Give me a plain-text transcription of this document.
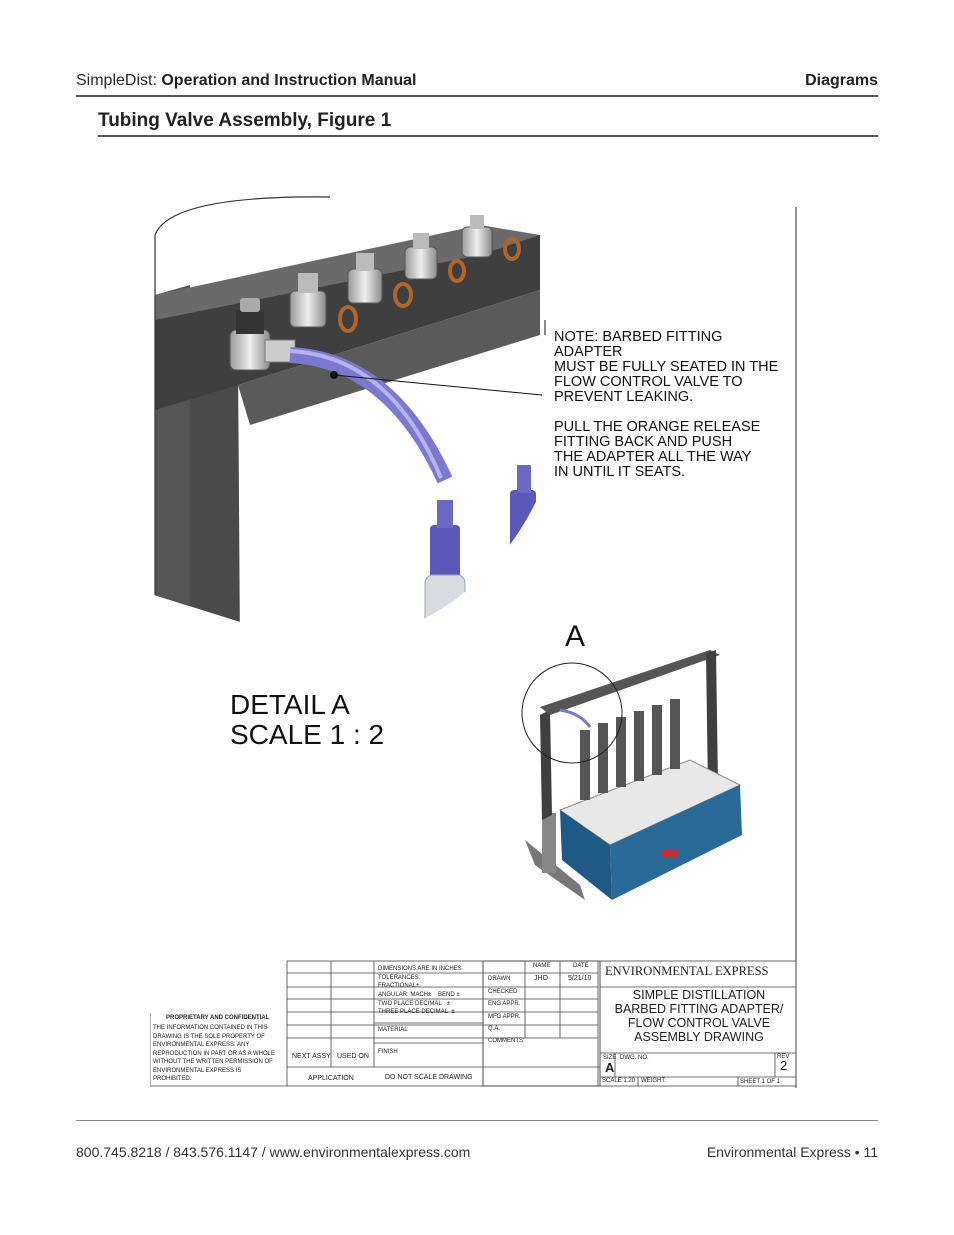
SimpleDist: Operation and Instruction Manual	Diagrams
Tubing Valve Assembly, Figure 1

NOTE: BARBED FITTING ADAPTER
MUST BE FULLY SEATED IN THE
FLOW CONTROL VALVE TO
PREVENT LEAKING.

PULL THE ORANGE RELEASE
FITTING BACK AND PUSH
THE ADAPTER ALL THE WAY
IN UNTIL IT SEATS.

DETAIL A
SCALE 1 : 2
A
PROPRIETARY AND CONFIDENTIAL
THE INFORMATION CONTAINED IN THIS
DRAWING IS THE SOLE PROPERTY OF
ENVIRONMENTAL EXPRESS. ANY
REPRODUCTION IN PART OR AS A WHOLE
WITHOUT THE WRITTEN PERMISSION OF
ENVIRONMENTAL EXPRESS IS
PROHIBITED.
NEXT ASSY USED ON
APPLICATION
DIMENSIONS ARE IN INCHES
TOLERANCES:
FRACTIONAL±
ANGULAR: MACH± BEND ±
TWO PLACE DECIMAL ±
THREE PLACE DECIMAL ±
MATERIAL
FINISH
DO NOT SCALE DRAWING
NAME	DATE
DRAWN	JHO	5/21/10
CHECKED
ENG APPR.
MFG APPR.
Q.A.
COMMENTS:
ENVIRONMENTAL EXPRESS
SIMPLE DISTILLATION
BARBED FITTING ADAPTER/
FLOW CONTROL VALVE
ASSEMBLY DRAWING
SIZE
A
DWG. NO.	REV
2
SCALE:1:20 WEIGHT:	SHEET 1 OF 1
800.745.8218 / 843.576.1147 / www.environmentalexpress.com	Environmental Express • 11
